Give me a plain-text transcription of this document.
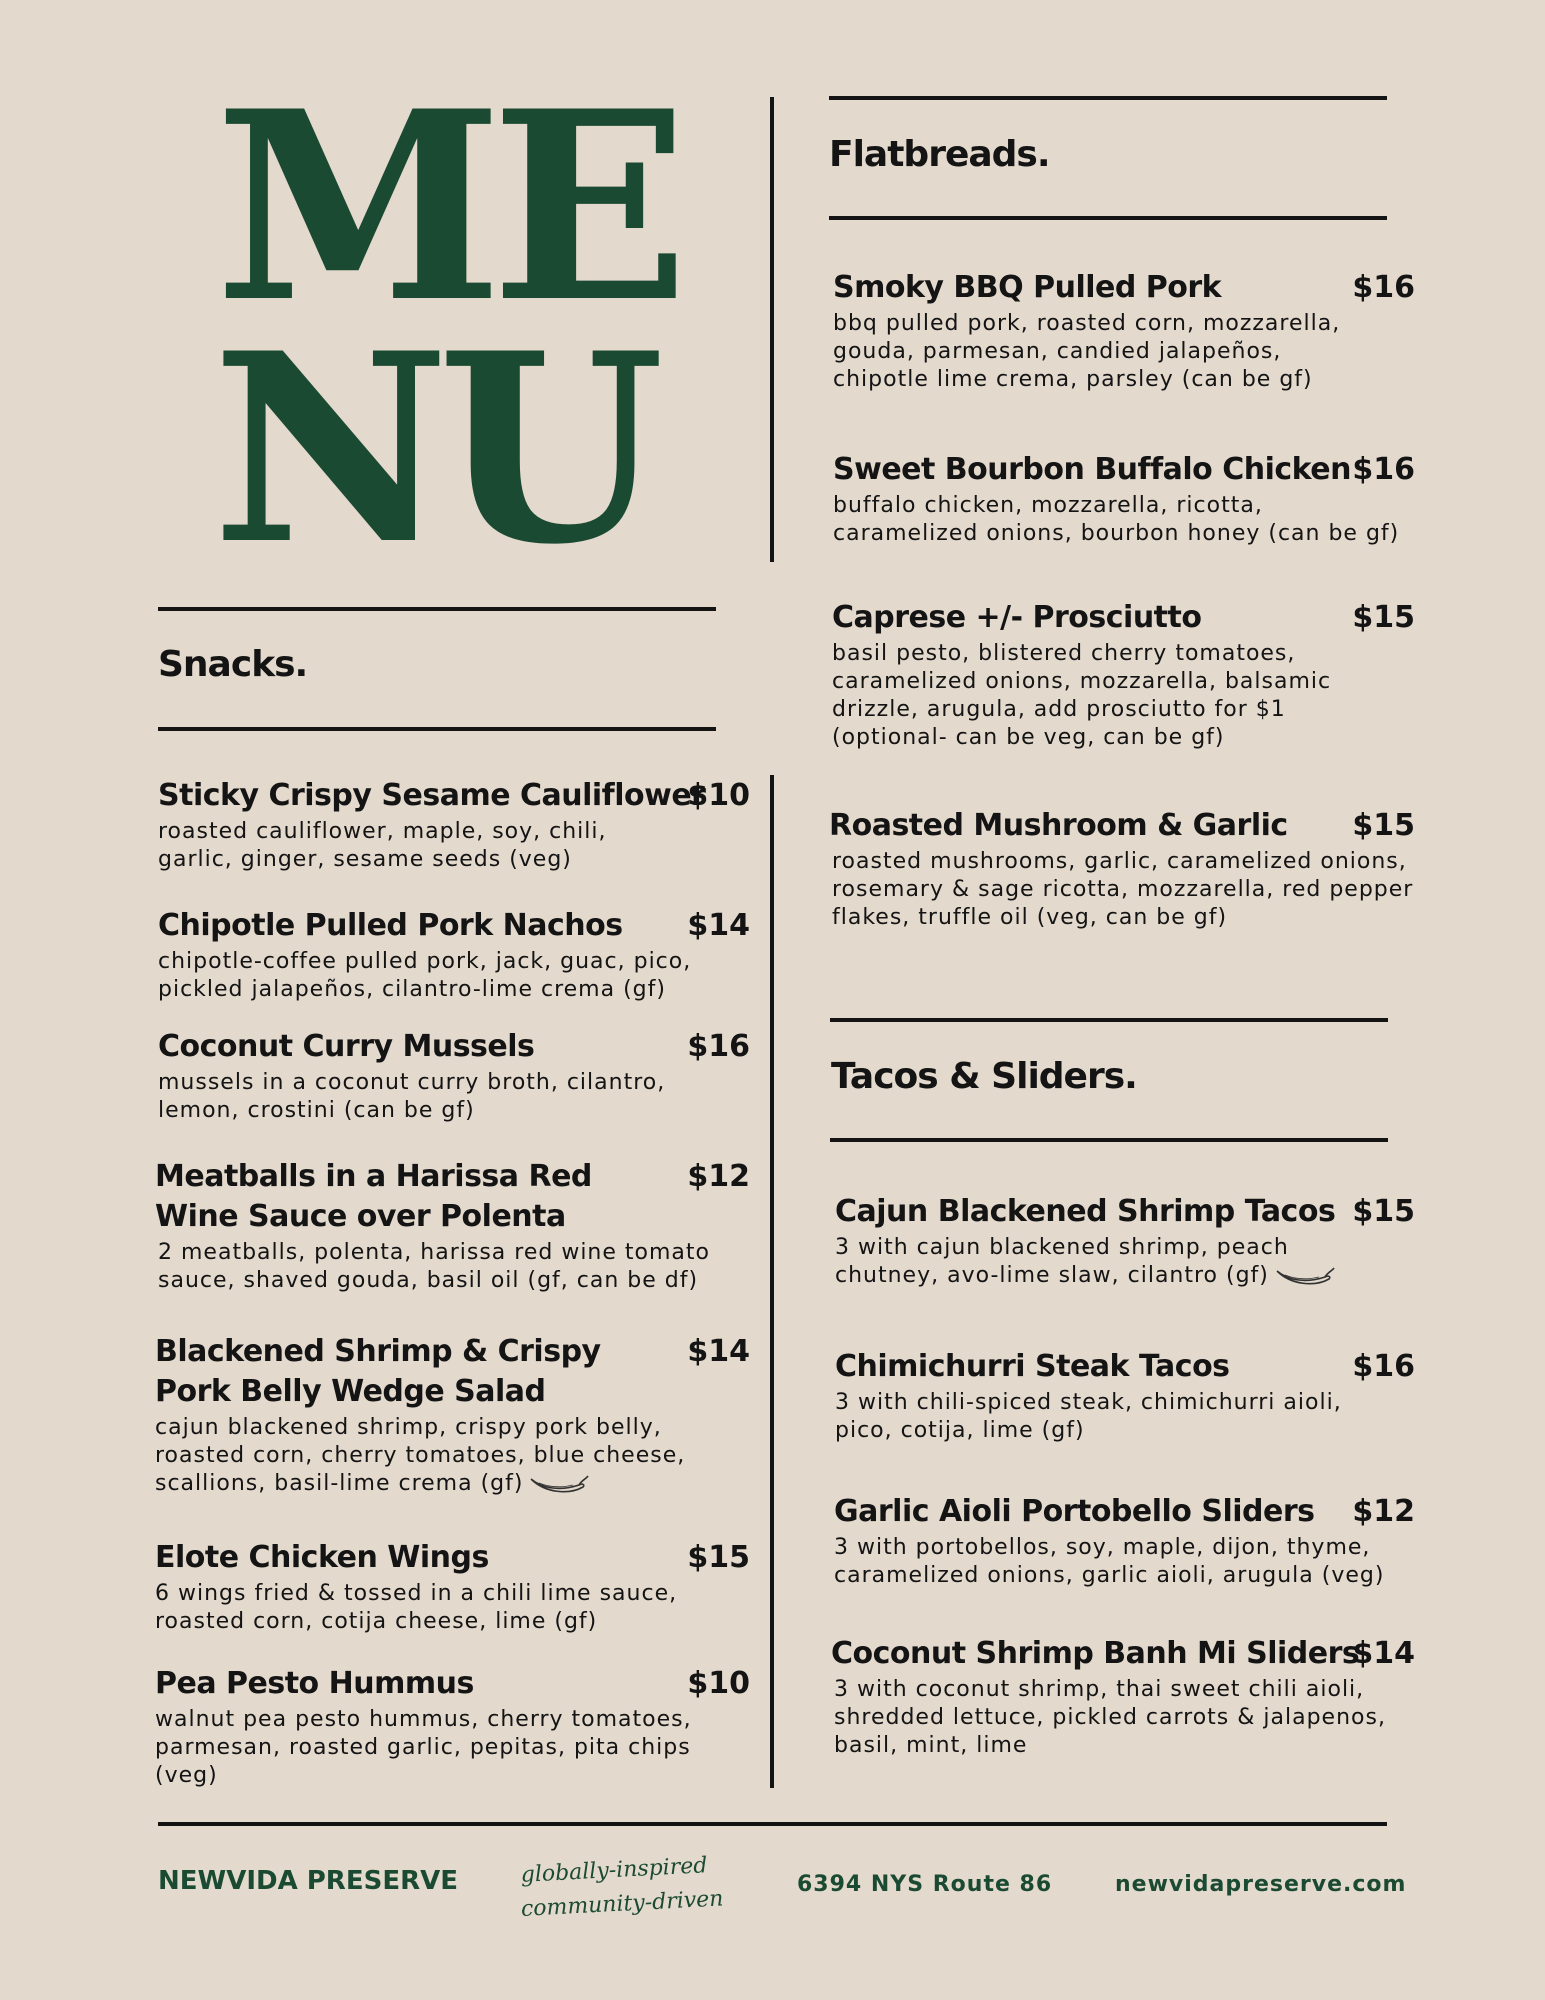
ME
NU
Snacks.
Flatbreads.
Tacos & Sliders.
Sticky Crispy Sesame Cauliflower
$10
roasted cauliflower, maple, soy, chili, garlic, ginger, sesame seeds (veg)
Chipotle Pulled Pork Nachos	$14
chipotle-coffee pulled pork, jack, guac, pico, pickled jalapeños, cilantro-lime crema (gf)
Coconut Curry Mussels	$16
mussels in a coconut curry broth, cilantro, lemon, crostini (can be gf)
Meatballs in a Harissa Red Wine Sauce over Polenta
$12
2 meatballs, polenta, harissa red wine tomato sauce, shaved gouda, basil oil (gf, can be df)
Blackened Shrimp & Crispy Pork Belly Wedge Salad
$14
cajun blackened shrimp, crispy pork belly, roasted corn, cherry tomatoes, blue cheese, scallions, basil-lime crema (gf)
Elote Chicken Wings	$15
6 wings fried & tossed in a chili lime sauce, roasted corn, cotija cheese, lime (gf)
Pea Pesto Hummus	$10
walnut pea pesto hummus, cherry tomatoes, parmesan, roasted garlic, pepitas, pita chips (veg)
Smoky BBQ Pulled Pork	$16
bbq pulled pork, roasted corn, mozzarella, gouda, parmesan, candied jalapeños, chipotle lime crema, parsley (can be gf)
Sweet Bourbon Buffalo Chicken $16
buffalo chicken, mozzarella, ricotta, caramelized onions, bourbon honey (can be gf)
Caprese +/- Prosciutto	$15
basil pesto, blistered cherry tomatoes, caramelized onions, mozzarella, balsamic drizzle, arugula, add prosciutto for $1 (optional- can be veg, can be gf)
Roasted Mushroom & Garlic	$15
roasted mushrooms, garlic, caramelized onions, rosemary & sage ricotta, mozzarella, red pepper flakes, truffle oil (veg, can be gf)
Cajun Blackened Shrimp Tacos $15
3 with cajun blackened shrimp, peach chutney, avo-lime slaw, cilantro (gf)
Chimichurri Steak Tacos	$16
3 with chili-spiced steak, chimichurri aioli, pico, cotija, lime (gf)
Garlic Aioli Portobello Sliders	$12
3 with portobellos, soy, maple, dijon, thyme, caramelized onions, garlic aioli, arugula (veg)
Coconut Shrimp Banh Mi Sliders
$14
3 with coconut shrimp, thai sweet chili aioli, shredded lettuce, pickled carrots & jalapenos, basil, mint, lime
NEWVIDA PRESERVE	globally-inspired
community-driven
6394 NYS Route 86	newvidapreserve.com
